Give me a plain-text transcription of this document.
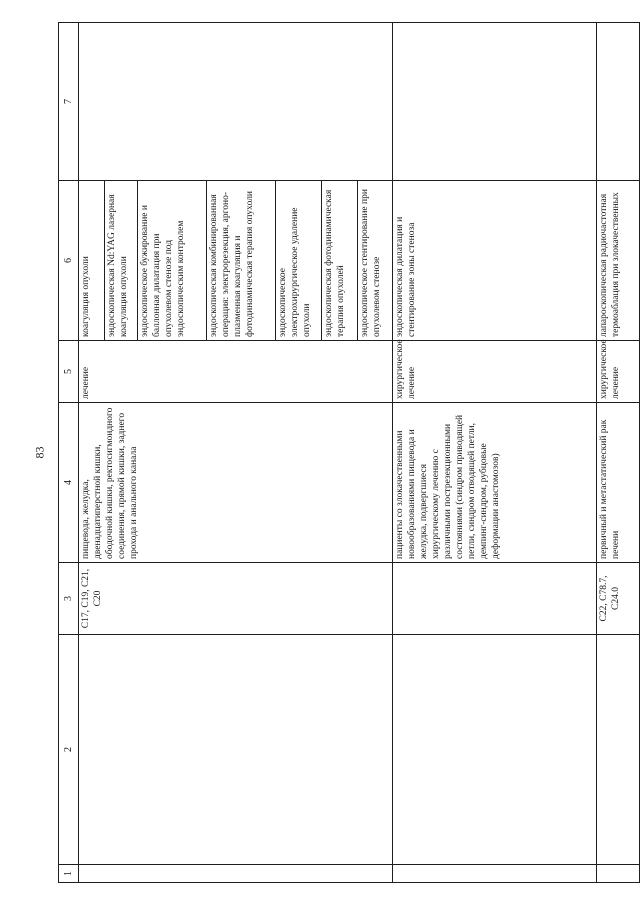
83
1	2	3	4	5	6	7
		C17, C19, C21, C20	пищевода, желудка, двенадцатиперстной кишки, ободочной кишки, ректосигмоидного соединения, прямой кишки, заднего прохода и анального канала	лечение	коагуляция опухоли	
					эндоскопическая Nd:YAG лазерная коагуляция опухоли	
					эндоскопическое бужирование и баллонная дилатация при опухолевом стенозе под эндоскопическим контролем	
					эндоскопическая комбинированная операция: электрорезекция, аргоно-плазменная коагуляция и фотодинамическая терапия опухоли	
					эндоскопическое электрохирургическое удаление опухоли	
					эндоскопическая фотодинамическая терапия опухолей	
					эндоскопическое стентирование при опухолевом стенозе	
			пациенты со злокачественными новообразованиями пищевода и желудка, подвергшиеся хирургическому лечению с различными пострезекционными состояниями (синдром приводящей петли, синдром отводящей петли, демпинг-синдром, рубцовые деформации анастомозов)	хирургическое лечение	эндоскопическая дилатация и стентирование зоны стеноза	
		C22, C78.7, C24.0	первичный и метастатический рак печени	хирургическое лечение	лапароскопическая радиочастотная термоаблация при злокачественных	
